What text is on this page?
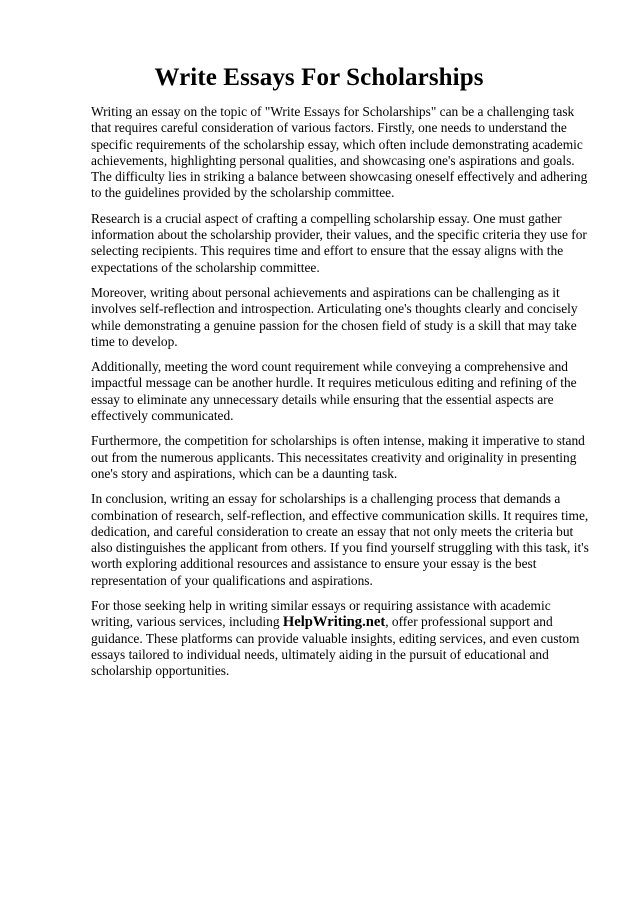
Write Essays For Scholarships

Writing an essay on the topic of "Write Essays for Scholarships" can be a challenging task that requires careful consideration of various factors. Firstly, one needs to understand the specific requirements of the scholarship essay, which often include demonstrating academic achievements, highlighting personal qualities, and showcasing one's aspirations and goals. The difficulty lies in striking a balance between showcasing oneself effectively and adhering to the guidelines provided by the scholarship committee.

Research is a crucial aspect of crafting a compelling scholarship essay. One must gather information about the scholarship provider, their values, and the specific criteria they use for selecting recipients. This requires time and effort to ensure that the essay aligns with the expectations of the scholarship committee.

Moreover, writing about personal achievements and aspirations can be challenging as it involves self-reflection and introspection. Articulating one's thoughts clearly and concisely while demonstrating a genuine passion for the chosen field of study is a skill that may take time to develop.

Additionally, meeting the word count requirement while conveying a comprehensive and impactful message can be another hurdle. It requires meticulous editing and refining of the essay to eliminate any unnecessary details while ensuring that the essential aspects are effectively communicated.

Furthermore, the competition for scholarships is often intense, making it imperative to stand out from the numerous applicants. This necessitates creativity and originality in presenting one's story and aspirations, which can be a daunting task.

In conclusion, writing an essay for scholarships is a challenging process that demands a combination of research, self-reflection, and effective communication skills. It requires time, dedication, and careful consideration to create an essay that not only meets the criteria but also distinguishes the applicant from others. If you find yourself struggling with this task, it's worth exploring additional resources and assistance to ensure your essay is the best representation of your qualifications and aspirations.

For those seeking help in writing similar essays or requiring assistance with academic writing, various services, including HelpWriting.net, offer professional support and guidance. These platforms can provide valuable insights, editing services, and even custom essays tailored to individual needs, ultimately aiding in the pursuit of educational and scholarship opportunities.
